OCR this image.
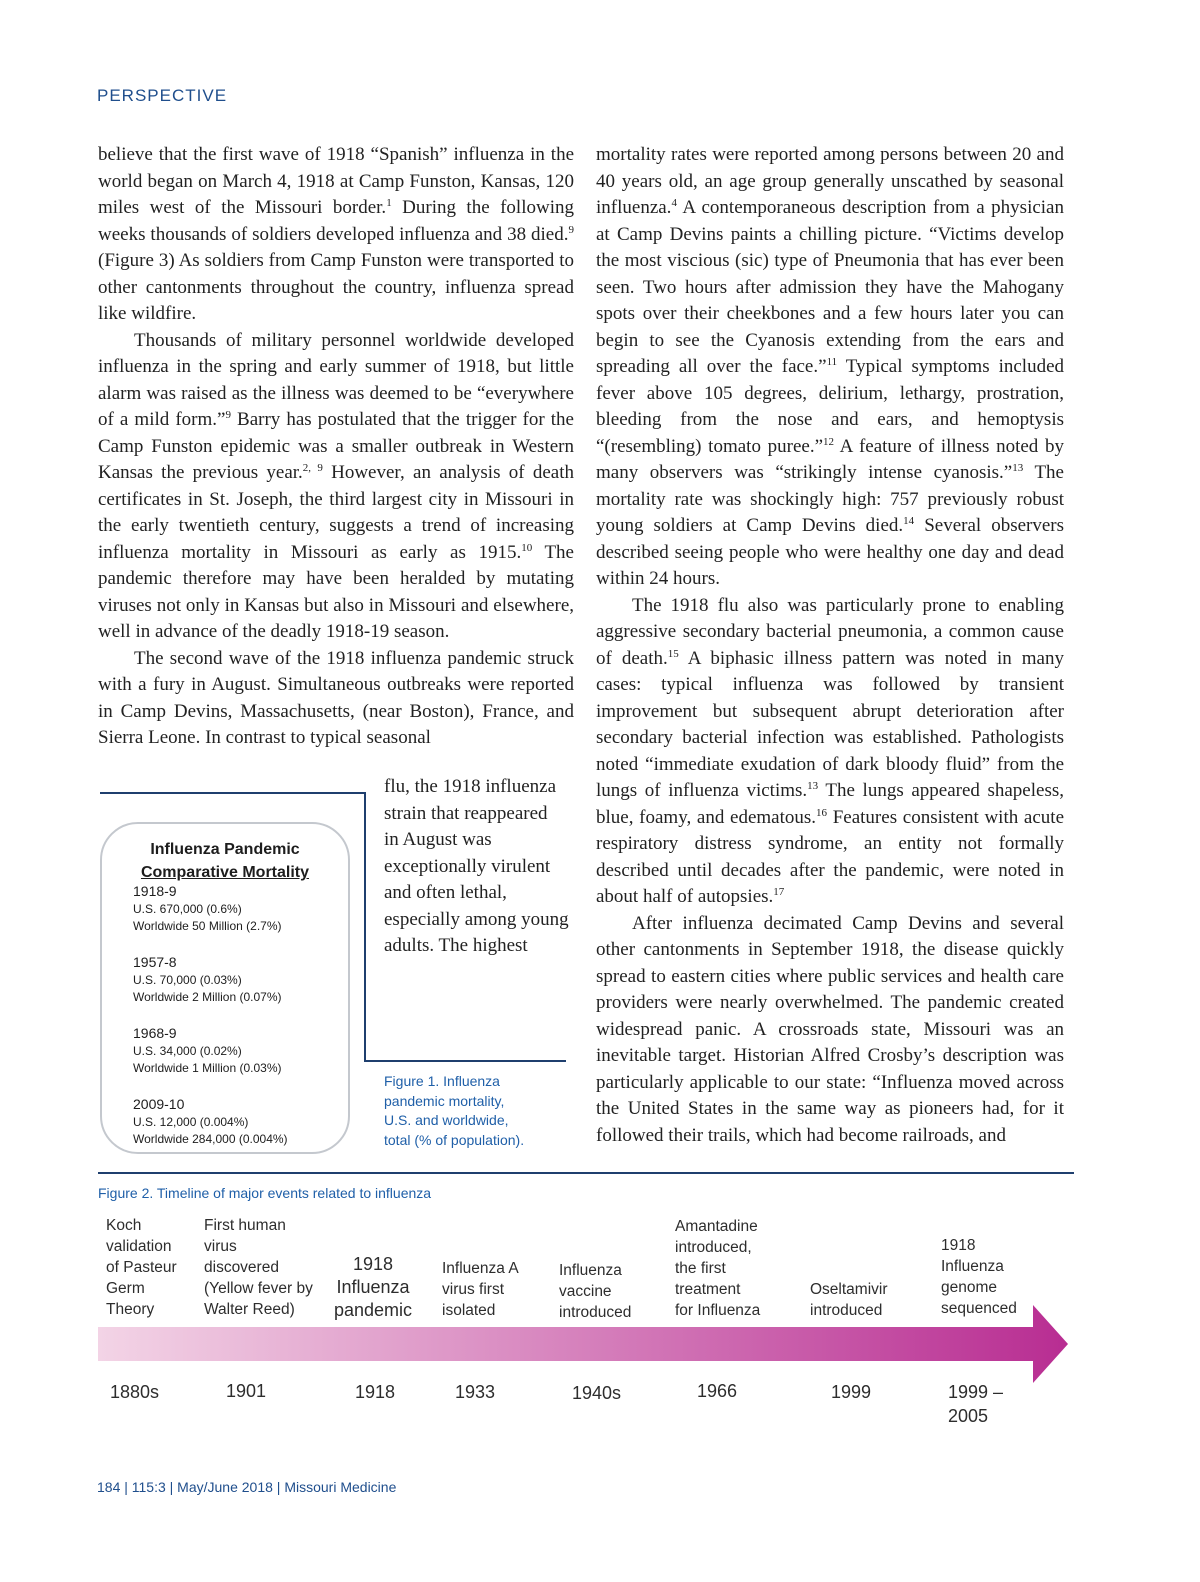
PERSPECTIVE

believe that the first wave of 1918 “Spanish” influenza in the world began on March 4, 1918 at Camp Funston, Kansas, 120 miles west of the Missouri border.$^1$ During the following weeks thousands of soldiers developed influenza and 38 died.$^9$ (Figure 3) As soldiers from Camp Funston were transported to other cantonments throughout the country, influenza spread like wildfire.

Thousands of military personnel worldwide developed influenza in the spring and early summer of 1918, but little alarm was raised as the illness was deemed to be “everywhere of a mild form.”$^9$ Barry has postulated that the trigger for the Camp Funston epidemic was a smaller outbreak in Western Kansas the previous year.$^{2, 9}$ However, an analysis of death certificates in St. Joseph, the third largest city in Missouri in the early twentieth century, suggests a trend of increasing influenza mortality in Missouri as early as 1915.10 The pandemic therefore may have been heralded by mutating viruses not only in Kansas but also in Missouri and elsewhere, well in advance of the deadly 1918-19 season.

The second wave of the 1918 influenza pandemic struck with a fury in August. Simultaneous outbreaks were reported in Camp Devins, Massachusetts, (near Boston), France, and Sierra Leone. In contrast to typical seasonal

flu, the 1918 influenza
strain that reappeared
in August was
exceptionally virulent
and often lethal,
especially among young
adults. The highest

mortality rates were reported among persons between 20 and 40 years old, an age group generally unscathed by seasonal influenza.$^4$ A contemporaneous description from a physician at Camp Devins paints a chilling picture. “Victims develop the most viscious (sic) type of Pneumonia that has ever been seen. Two hours after admission they have the Mahogany spots over their cheekbones and a few hours later you can begin to see the Cyanosis extending from the ears and spreading all over the face.”$^{11}$ Typical symptoms included fever above 105 degrees, delirium, lethargy, prostration, bleeding from the nose and ears, and hemoptysis “(resembling) tomato puree.”$^{12}$ A feature of illness noted by many observers was “strikingly intense cyanosis.”$^{13}$ The mortality rate was shockingly high: 757 previously robust young soldiers at Camp Devins died.$^{14}$ Several observers described seeing people who were healthy one day and dead within 24 hours.

The 1918 flu also was particularly prone to enabling aggressive secondary bacterial pneumonia, a common cause of death.$^{15}$ A biphasic illness pattern was noted in many cases: typical influenza was followed by transient improvement but subsequent abrupt deterioration after secondary bacterial infection was established. Pathologists noted “immediate exudation of dark bloody fluid” from the lungs of influenza victims.$^{13}$ The lungs appeared shapeless, blue, foamy, and edematous.$^{16}$ Features consistent with acute respiratory distress syndrome, an entity not formally described until decades after the pandemic, were noted in about half of autopsies.$^{17}$

After influenza decimated Camp Devins and several other cantonments in September 1918, the disease quickly spread to eastern cities where public services and health care providers were nearly overwhelmed. The pandemic created widespread panic. A crossroads state, Missouri was an inevitable target. Historian Alfred Crosby’s description was particularly applicable to our state: “Influenza moved across the United States in the same way as pioneers had, for it followed their trails, which had become railroads, and

Influenza Pandemic
Comparative Mortality
1918-9
U.S. 670,000 (0.6%)
Worldwide 50 Million (2.7%)
1957-8
U.S. 70,000 (0.03%)
Worldwide 2 Million (0.07%)
1968-9
U.S. 34,000 (0.02%)
Worldwide 1 Million (0.03%)
2009-10
U.S. 12,000 (0.004%)
Worldwide 284,000 (0.004%)
Figure 1. Influenza
pandemic mortality,
U.S. and worldwide,
total (% of population).
Figure 2. Timeline of major events related to influenza
Koch
validation
of Pasteur
Germ
Theory
1880s
First human
virus
discovered
(Yellow fever by
Walter Reed)
1901
1918
Influenza
pandemic
1918
Influenza A
virus first
isolated
1933
Influenza
vaccine
introduced
1940s
Amantadine
introduced,
the first
treatment
for Influenza
1966
Oseltamivir
introduced
1999
1918
Influenza
genome
sequenced
1999 –
2005
184 | 115:3 | May/June 2018 | Missouri Medicine
